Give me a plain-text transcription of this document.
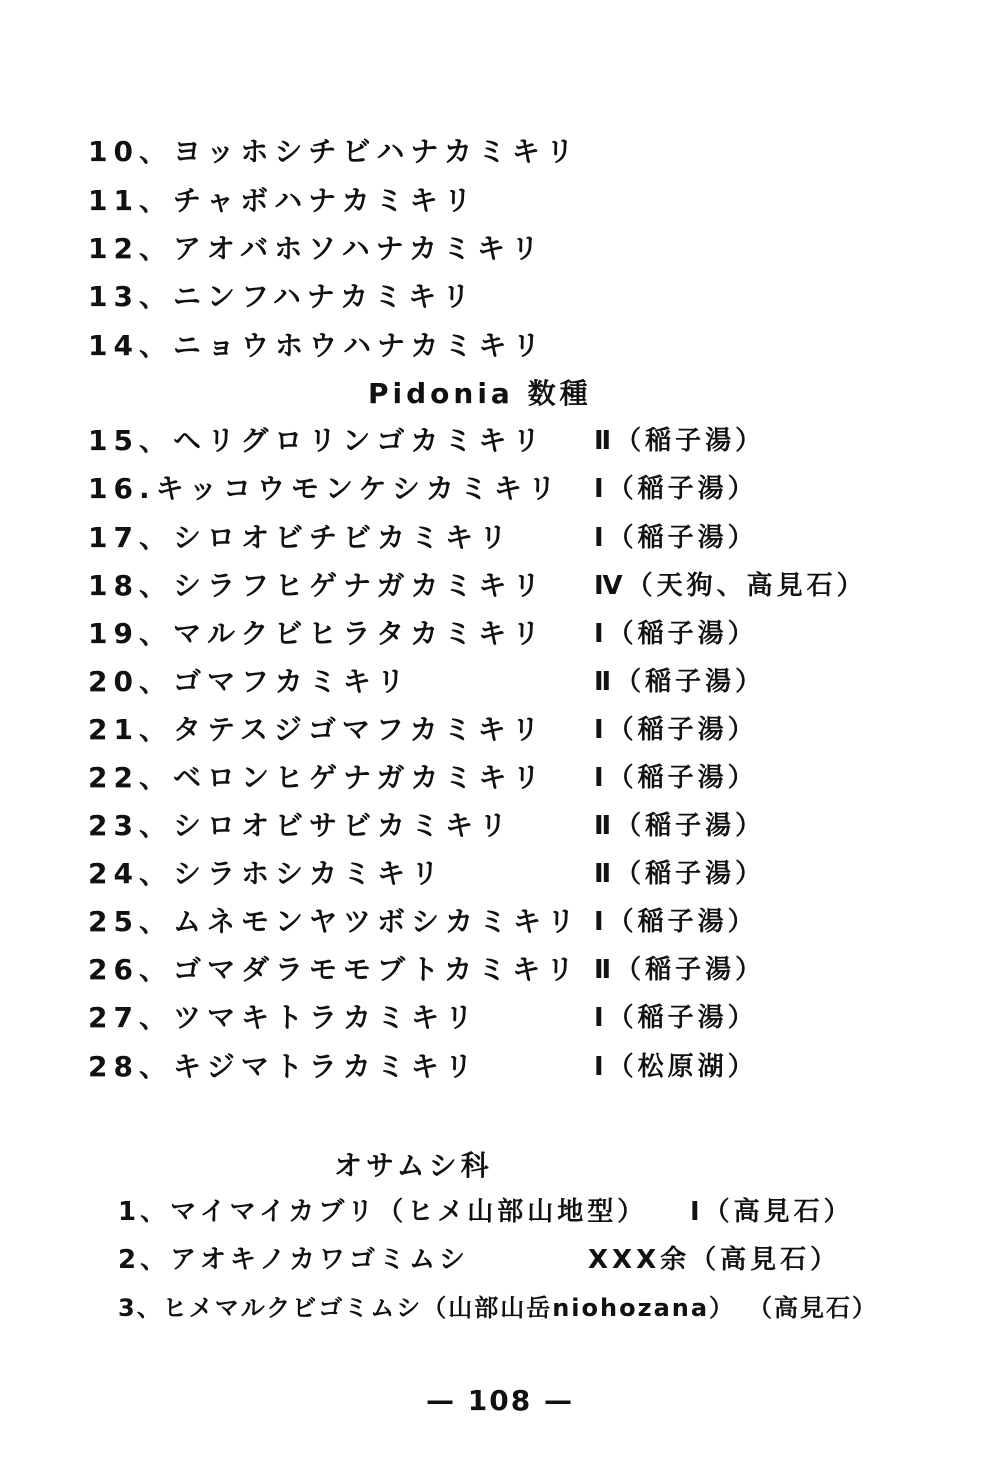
10、ヨッホシチビハナカミキリ
11、チャボハナカミキリ
12、アオバホソハナカミキリ
13、ニンフハナカミキリ
14、ニョウホウハナカミキリ
Pidonia 数種
15、ヘリグロリンゴカミキリ Ⅱ（稲子湯）
16.キッコウモンケシカミキリ Ⅰ（稲子湯）
17、シロオビチビカミキリ	Ⅰ（稲子湯）
18、シラフヒゲナガカミキリ Ⅳ（天狗、高見石）
19、マルクビヒラタカミキリ Ⅰ（稲子湯）
20、ゴマフカミキリ	Ⅱ（稲子湯）
21、タテスジゴマフカミキリ Ⅰ（稲子湯）
22、ベロンヒゲナガカミキリ Ⅰ（稲子湯）
23、シロオビサビカミキリ	Ⅱ（稲子湯）
24、シラホシカミキリ	Ⅱ（稲子湯）
25、ムネモンヤツボシカミキリ Ⅰ（稲子湯）
26、ゴマダラモモブトカミキリ Ⅱ（稲子湯）
27、ツマキトラカミキリ	Ⅰ（稲子湯）
28、キジマトラカミキリ	Ⅰ（松原湖）
オサムシ科
1、マイマイカブリ（ヒメ山部山地型） Ⅰ（高見石）
2、アオキノカワゴミムシ	ⅩⅩⅩ余（高見石）
3、ヒメマルクビゴミムシ（山部山岳niohozana） （高見石）
— 108 —
